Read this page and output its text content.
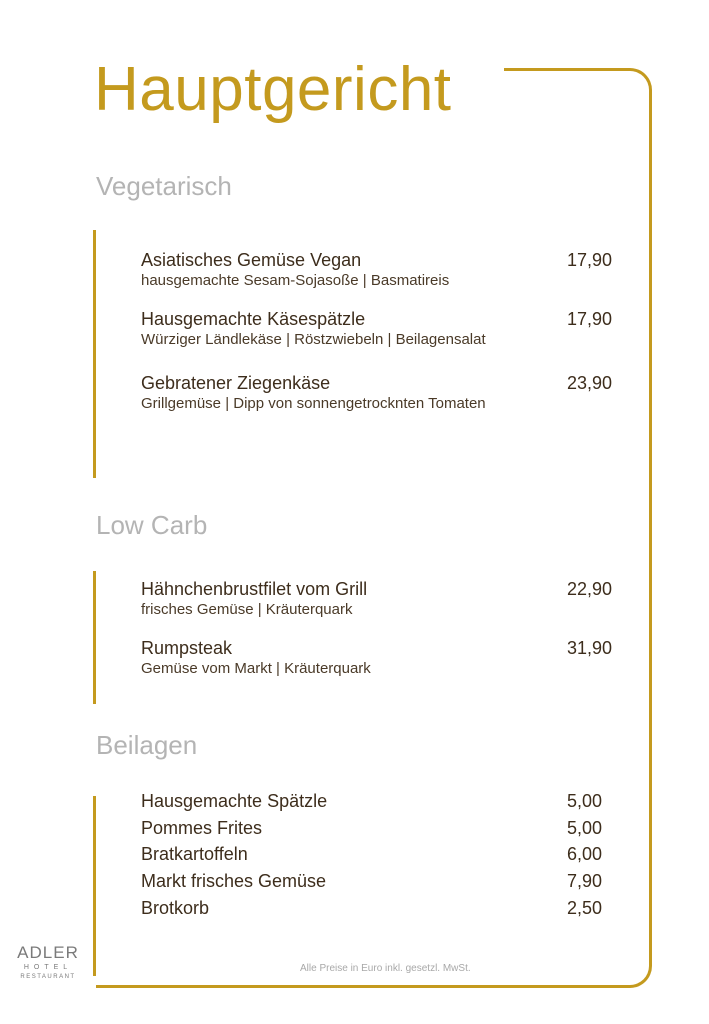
Hauptgericht
Vegetarisch
Asiatisches Gemüse Vegan
hausgemachte Sesam-Sojasoße | Basmatireis
17,90
Hausgemachte Käsespätzle
Würziger Ländlekäse | Röstzwiebeln | Beilagensalat
17,90
Gebratener Ziegenkäse
Grillgemüse | Dipp von sonnengetrocknten Tomaten
23,90
Low Carb
Hähnchenbrustfilet vom Grill
frisches Gemüse | Kräuterquark
22,90
Rumpsteak
Gemüse vom Markt | Kräuterquark
31,90
Beilagen
Hausgemachte Spätzle	5,00
Pommes Frites	5,00
Bratkartoffeln	6,00
Markt frisches Gemüse	7,90
Brotkorb	2,50
Alle Preise in Euro inkl. gesetzl. MwSt.
ADLER
HOTEL
RESTAURANT
